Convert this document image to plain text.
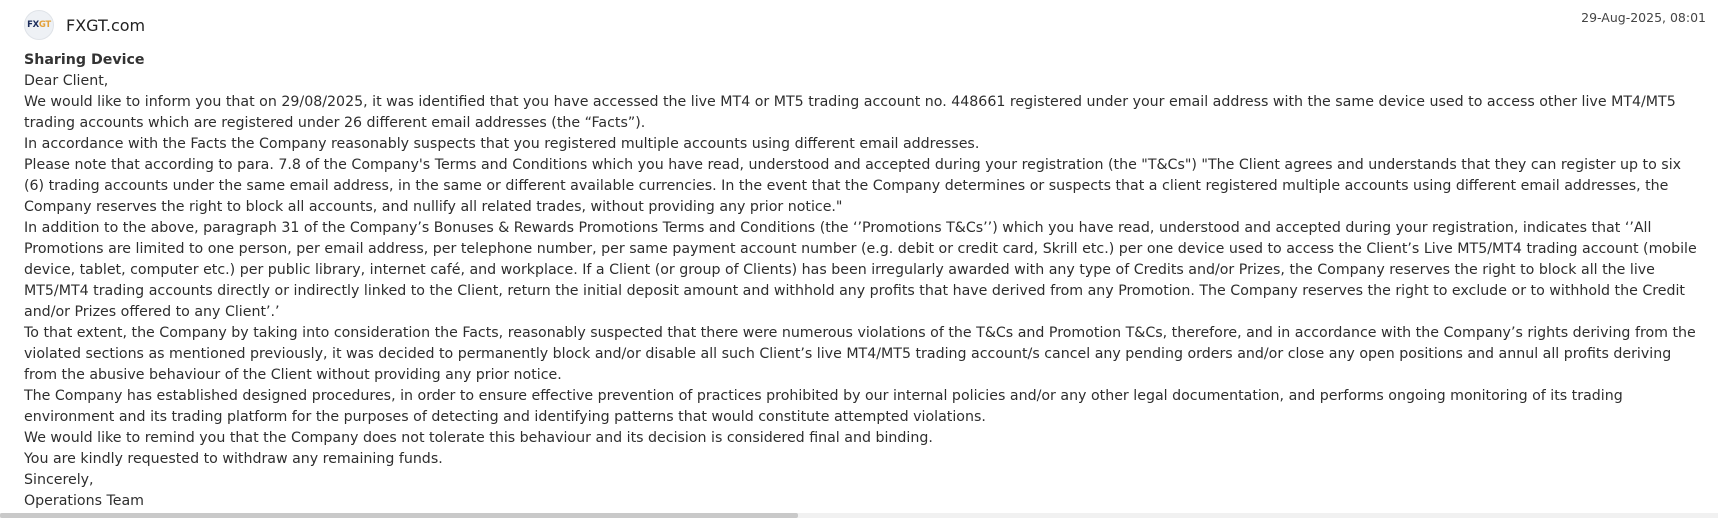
FX GT FXGT.com	29-Aug-2025, 08:01

Sharing Device

Dear Client,

We would like to inform you that on 29/08/2025, it was identified that you have accessed the live MT4 or MT5 trading account no. 448661 registered under your email address with the same device used to access other live MT4/MT5 trading accounts which are registered under 26 different email addresses (the “Facts”).

In accordance with the Facts the Company reasonably suspects that you registered multiple accounts using different email addresses.

Please note that according to para. 7.8 of the Company's Terms and Conditions which you have read, understood and accepted during your registration (the "T&Cs") "The Client agrees and understands that they can register up to six (6) trading accounts under the same email address, in the same or different available currencies. In the event that the Company determines or suspects that a client registered multiple accounts using different email addresses, the Company reserves the right to block all accounts, and nullify all related trades, without providing any prior notice."

In addition to the above, paragraph 31 of the Company’s Bonuses & Rewards Promotions Terms and Conditions (the ‘’Promotions T&Cs’’) which you have read, understood and accepted during your registration, indicates that ‘’All Promotions are limited to one person, per email address, per telephone number, per same payment account number (e.g. debit or credit card, Skrill etc.) per one device used to access the Client’s Live MT5/MT4 trading account (mobile device, tablet, computer etc.) per public library, internet café, and workplace. If a Client (or group of Clients) has been irregularly awarded with any type of Credits and/or Prizes, the Company reserves the right to block all the live MT5/MT4 trading accounts directly or indirectly linked to the Client, return the initial deposit amount and withhold any profits that have derived from any Promotion. The Company reserves the right to exclude or to withhold the Credit and/or Prizes offered to any Client’.’

To that extent, the Company by taking into consideration the Facts, reasonably suspected that there were numerous violations of the T&Cs and Promotion T&Cs, therefore, and in accordance with the Company’s rights deriving from the violated sections as mentioned previously, it was decided to permanently block and/or disable all such Client’s live MT4/MT5 trading account/s cancel any pending orders and/or close any open positions and annul all profits deriving from the abusive behaviour of the Client without providing any prior notice.

The Company has established designed procedures, in order to ensure effective prevention of practices prohibited by our internal policies and/or any other legal documentation, and performs ongoing monitoring of its trading environment and its trading platform for the purposes of detecting and identifying patterns that would constitute attempted violations.

We would like to remind you that the Company does not tolerate this behaviour and its decision is considered final and binding.

You are kindly requested to withdraw any remaining funds.

Sincerely,

Operations Team
